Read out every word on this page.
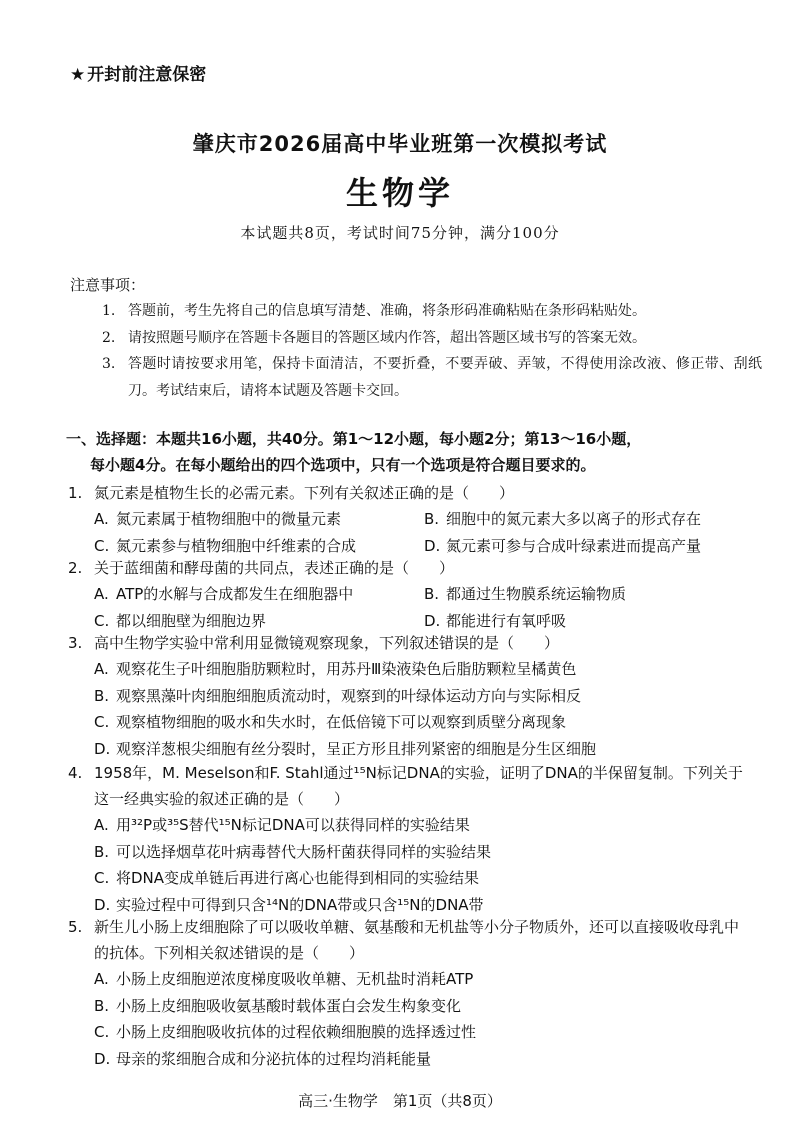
★ 开封前注意保密
肇庆市2026届高中毕业班第一次模拟考试
生物学
本试题共8页，考试时间75分钟，满分100分
注意事项：
1. 答题前，考生先将自己的信息填写清楚、准确，将条形码准确粘贴在条形码粘贴处。
2. 请按照题号顺序在答题卡各题目的答题区域内作答，超出答题区域书写的答案无效。
3. 答题时请按要求用笔，保持卡面清洁，不要折叠，不要弄破、弄皱，不得使用涂改液、修正带、刮纸刀。考试结束后，请将本试题及答题卡交回。
一、选择题：本题共16小题，共40分。第1～12小题，每小题2分；第13～16小题，
每小题4分。在每小题给出的四个选项中，只有一个选项是符合题目要求的。
1. 氮元素是植物生长的必需元素。下列有关叙述正确的是（　　）
A. 氮元素属于植物细胞中的微量元素	B. 细胞中的氮元素大多以离子的形式存在
C. 氮元素参与植物细胞中纤维素的合成	D. 氮元素可参与合成叶绿素进而提高产量
2. 关于蓝细菌和酵母菌的共同点，表述正确的是（　　）
A. ATP的水解与合成都发生在细胞器中	B. 都通过生物膜系统运输物质
C. 都以细胞壁为细胞边界	D. 都能进行有氧呼吸
3. 高中生物学实验中常利用显微镜观察现象，下列叙述错误的是（　　）
A. 观察花生子叶细胞脂肪颗粒时，用苏丹Ⅲ染液染色后脂肪颗粒呈橘黄色
B. 观察黑藻叶肉细胞细胞质流动时，观察到的叶绿体运动方向与实际相反
C. 观察植物细胞的吸水和失水时，在低倍镜下可以观察到质壁分离现象
D. 观察洋葱根尖细胞有丝分裂时，呈正方形且排列紧密的细胞是分生区细胞
4. 1958年，M. Meselson和F. Stahl通过¹⁵N标记DNA的实验，证明了DNA的半保留复制。下列关于这一经典实验的叙述正确的是（　　）
A. 用³²P或³⁵S替代¹⁵N标记DNA可以获得同样的实验结果
B. 可以选择烟草花叶病毒替代大肠杆菌获得同样的实验结果
C. 将DNA变成单链后再进行离心也能得到相同的实验结果
D. 实验过程中可得到只含¹⁴N的DNA带或只含¹⁵N的DNA带
5. 新生儿小肠上皮细胞除了可以吸收单糖、氨基酸和无机盐等小分子物质外，还可以直接吸收母乳中的抗体。下列相关叙述错误的是（　　）
A. 小肠上皮细胞逆浓度梯度吸收单糖、无机盐时消耗ATP
B. 小肠上皮细胞吸收氨基酸时载体蛋白会发生构象变化
C. 小肠上皮细胞吸收抗体的过程依赖细胞膜的选择透过性
D. 母亲的浆细胞合成和分泌抗体的过程均消耗能量
高三·生物学　第1页（共8页）
